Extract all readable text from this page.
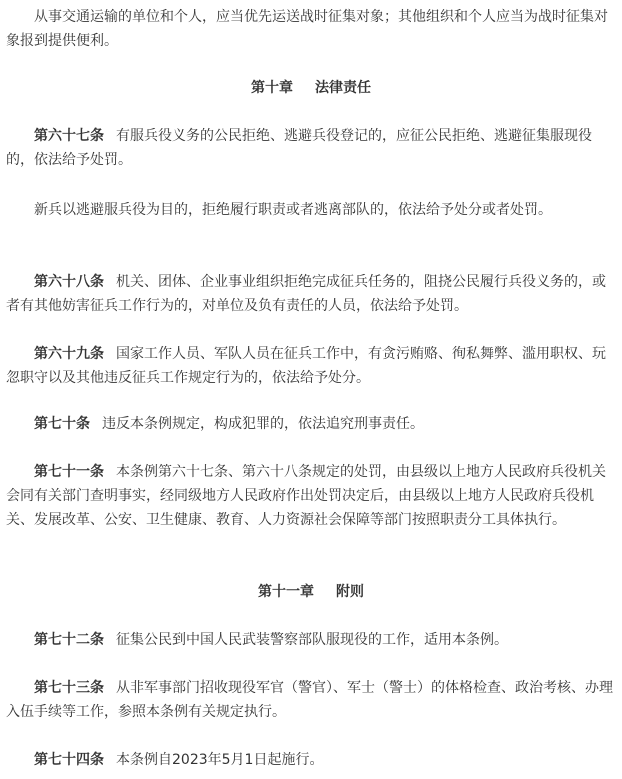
从事交通运输的单位和个人，应当优先运送战时征集对象；其他组织和个人应当为战时征集对象报到提供便利。

第十章 法律责任

第六十七条 有服兵役义务的公民拒绝、逃避兵役登记的，应征公民拒绝、逃避征集服现役的，依法给予处罚。

新兵以逃避服兵役为目的，拒绝履行职责或者逃离部队的，依法给予处分或者处罚。

第六十八条 机关、团体、企业事业组织拒绝完成征兵任务的，阻挠公民履行兵役义务的，或者有其他妨害征兵工作行为的，对单位及负有责任的人员，依法给予处罚。

第六十九条 国家工作人员、军队人员在征兵工作中，有贪污贿赂、徇私舞弊、滥用职权、玩忽职守以及其他违反征兵工作规定行为的，依法给予处分。

第七十条 违反本条例规定，构成犯罪的，依法追究刑事责任。

第七十一条 本条例第六十七条、第六十八条规定的处罚，由县级以上地方人民政府兵役机关会同有关部门查明事实，经同级地方人民政府作出处罚决定后，由县级以上地方人民政府兵役机关、发展改革、公安、卫生健康、教育、人力资源社会保障等部门按照职责分工具体执行。

第十一章 附则

第七十二条 征集公民到中国人民武装警察部队服现役的工作，适用本条例。

第七十三条 从非军事部门招收现役军官（警官）、军士（警士）的体格检查、政治考核、办理入伍手续等工作，参照本条例有关规定执行。

第七十四条 本条例自2023年5月1日起施行。
